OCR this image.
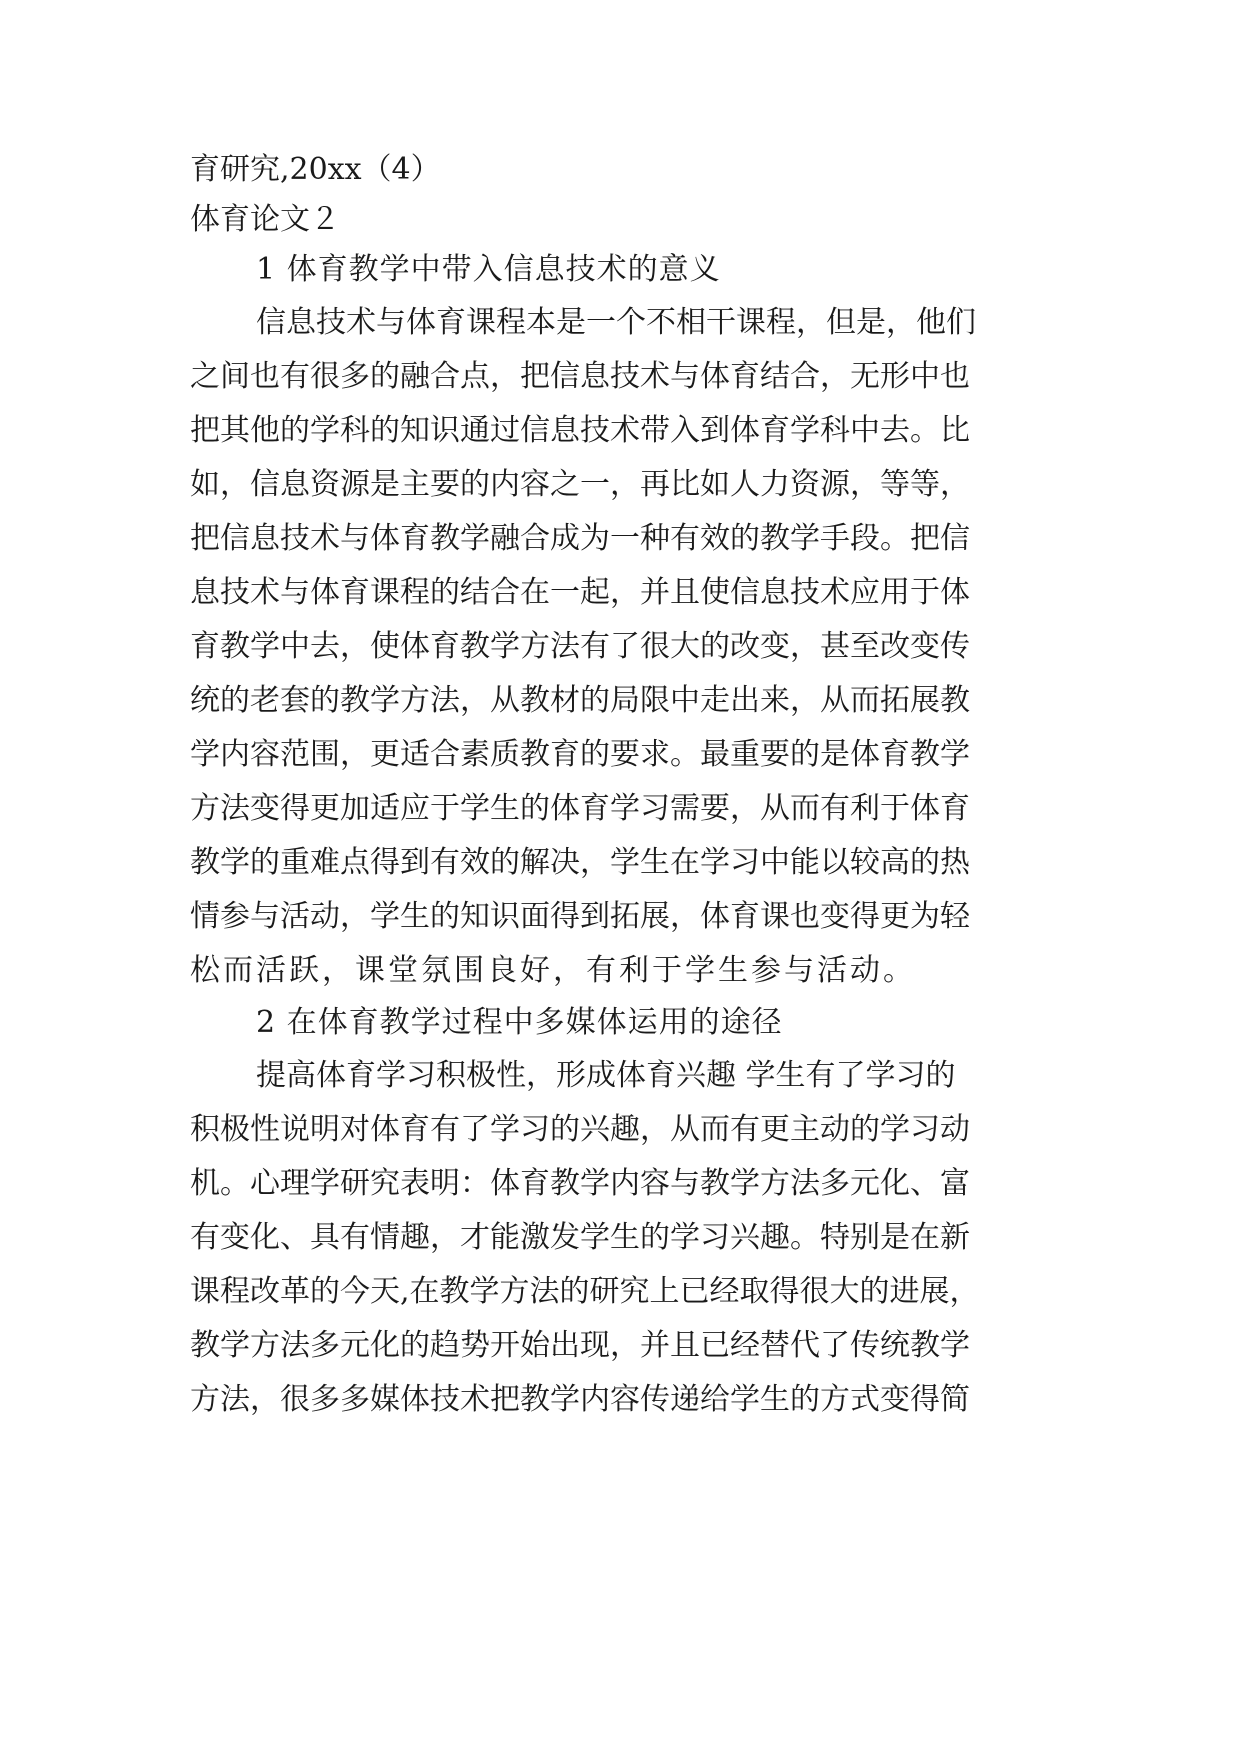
育研究,20xx（4）
体育论文２
1 体育教学中带入信息技术的意义
信息技术与体育课程本是一个不相干课程，但是，他们
之间也有很多的融合点，把信息技术与体育结合，无形中也
把其他的学科的知识通过信息技术带入到体育学科中去。比
如，信息资源是主要的内容之一，再比如人力资源，等等，
把信息技术与体育教学融合成为一种有效的教学手段。把信
息技术与体育课程的结合在一起，并且使信息技术应用于体
育教学中去，使体育教学方法有了很大的改变，甚至改变传
统的老套的教学方法，从教材的局限中走出来，从而拓展教
学内容范围，更适合素质教育的要求。最重要的是体育教学
方法变得更加适应于学生的体育学习需要，从而有利于体育
教学的重难点得到有效的解决，学生在学习中能以较高的热
情参与活动，学生的知识面得到拓展，体育课也变得更为轻
松而活跃，课堂氛围良好，有利于学生参与活动。
2 在体育教学过程中多媒体运用的途径
提高体育学习积极性，形成体育兴趣 学生有了学习的
积极性说明对体育有了学习的兴趣，从而有更主动的学习动
机。心理学研究表明：体育教学内容与教学方法多元化、富
有变化、具有情趣，才能激发学生的学习兴趣。特别是在新
课程改革的今天,在教学方法的研究上已经取得很大的进展，
教学方法多元化的趋势开始出现，并且已经替代了传统教学
方法，很多多媒体技术把教学内容传递给学生的方式变得简
